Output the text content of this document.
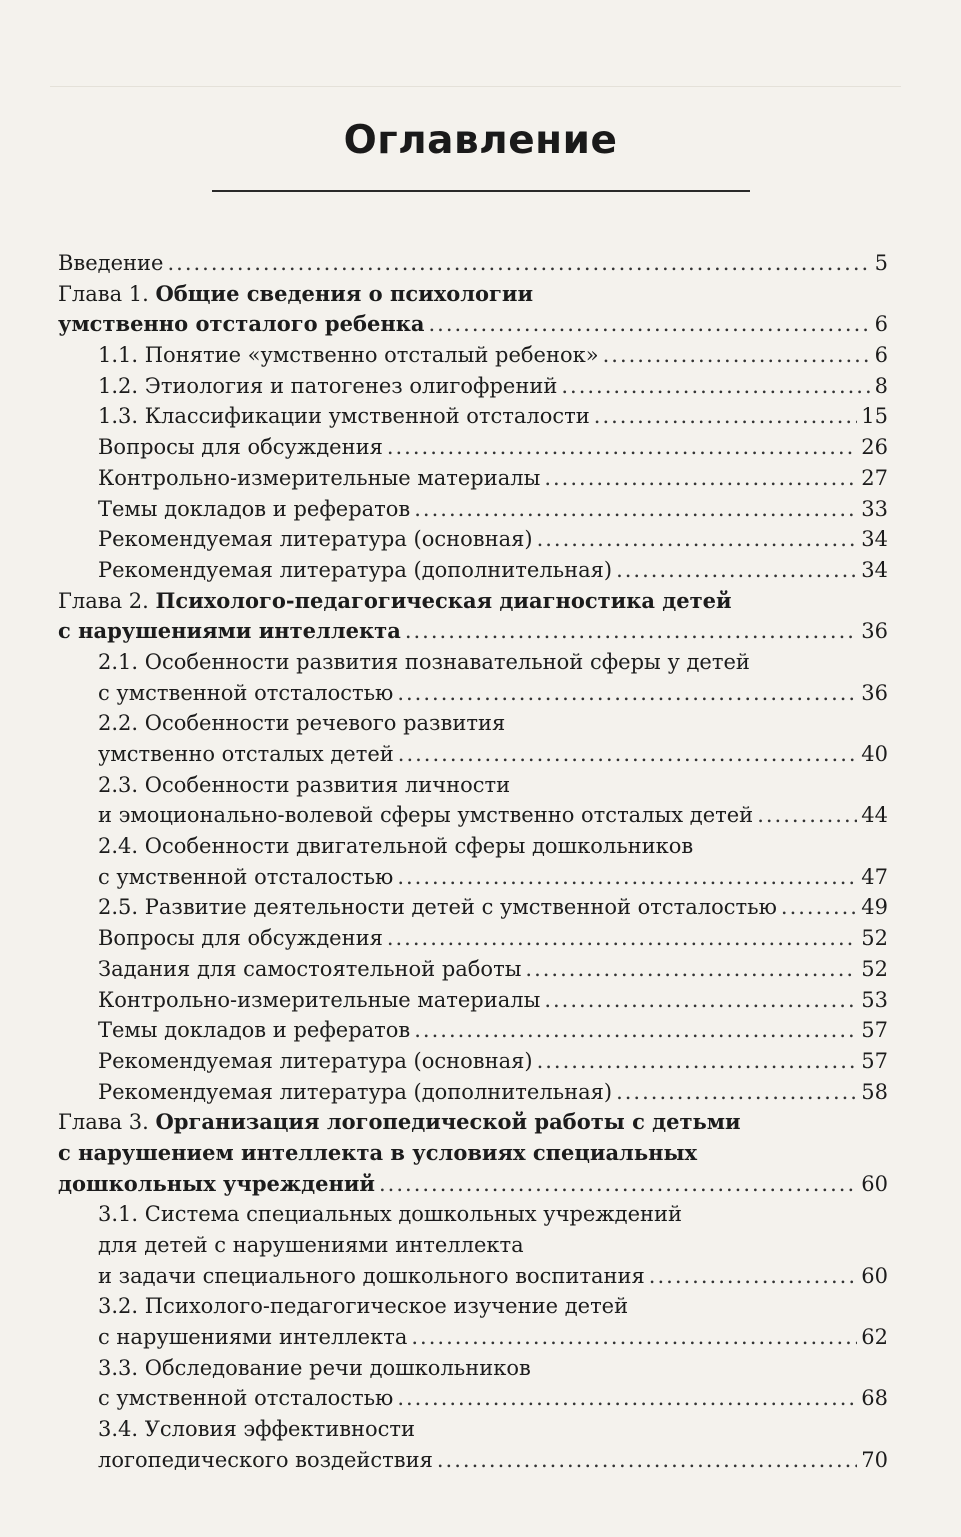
Оглавление
Введение .....	5
Глава 1. Общие сведения о психологии
умственно отсталого ребенка .....	6
1.1. Понятие «умственно отсталый ребенок» .....	6
1.2. Этиология и патогенез олигофрений .....	8
1.3. Классификации умственной отсталости .....	15
Вопросы для обсуждения .....	26
Контрольно-измерительные материалы .....	27
Темы докладов и рефератов .....	33
Рекомендуемая литература (основная) .....	34
Рекомендуемая литература (дополнительная) .....	34
Глава 2. Психолого-педагогическая диагностика детей
с нарушениями интеллекта .....	36
2.1. Особенности развития познавательной сферы у детей
с умственной отсталостью .....	36
2.2. Особенности речевого развития
умственно отсталых детей .....	40
2.3. Особенности развития личности
и эмоционально-волевой сферы умственно отсталых детей .....	44
2.4. Особенности двигательной сферы дошкольников
с умственной отсталостью .....	47
2.5. Развитие деятельности детей с умственной отсталостью .....	49
Вопросы для обсуждения .....	52
Задания для самостоятельной работы .....	52
Контрольно-измерительные материалы .....	53
Темы докладов и рефератов .....	57
Рекомендуемая литература (основная) .....	57
Рекомендуемая литература (дополнительная) .....	58
Глава 3. Организация логопедической работы с детьми
с нарушением интеллекта в условиях специальных
дошкольных учреждений .....	60
3.1. Система специальных дошкольных учреждений
для детей с нарушениями интеллекта
и задачи специального дошкольного воспитания .....	60
3.2. Психолого-педагогическое изучение детей
с нарушениями интеллекта .....	62
3.3. Обследование речи дошкольников
с умственной отсталостью .....	68
3.4. Условия эффективности
логопедического воздействия .....	70
